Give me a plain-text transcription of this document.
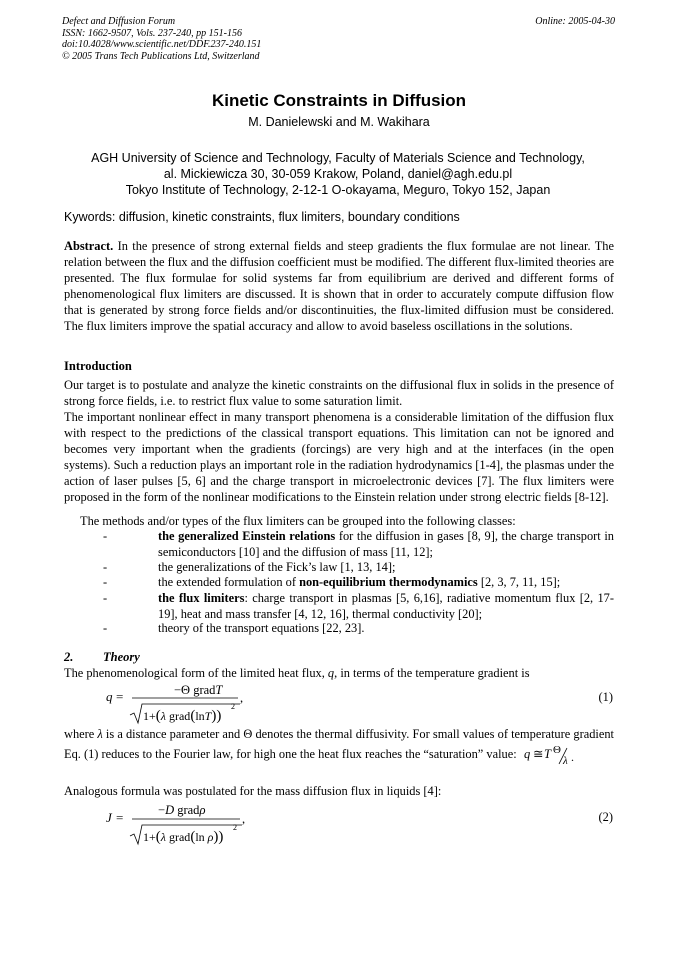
Defect and Diffusion Forum
ISSN: 1662-9507, Vols. 237-240, pp 151-156
doi:10.4028/www.scientific.net/DDF.237-240.151
© 2005 Trans Tech Publications Ltd, Switzerland
Online: 2005-04-30
Kinetic Constraints in Diffusion
M. Danielewski and M. Wakihara
AGH University of Science and Technology, Faculty of Materials Science and Technology,
al. Mickiewicza 30, 30-059 Krakow, Poland, daniel@agh.edu.pl
Tokyo Institute of Technology, 2-12-1 O-okayama, Meguro, Tokyo 152, Japan
Kywords: diffusion, kinetic constraints, flux limiters, boundary conditions
Abstract. In the presence of strong external fields and steep gradients the flux formulae are not linear. The relation between the flux and the diffusion coefficient must be modified. The different flux-limited theories are presented. The flux formulae for solid systems far from equilibrium are derived and different forms of phenomenological flux limiters are discussed. It is shown that in order to accurately compute diffusion flow that is generated by strong force fields and/or discontinuities, the flux-limited diffusion must be considered. The flux limiters improve the spatial accuracy and allow to avoid baseless oscillations in the solutions.
Introduction
Our target is to postulate and analyze the kinetic constraints on the diffusional flux in solids in the presence of strong force fields, i.e. to restrict flux value to some saturation limit.
The important nonlinear effect in many transport phenomena is a considerable limitation of the diffusion flux with respect to the predictions of the classical transport equations. This limitation can not be ignored and becomes very important when the gradients (forcings) are very high and at the interfaces (in the open systems). Such a reduction plays an important role in the radiation hydrodynamics [1-4], the plasmas under the action of laser pulses [5, 6] and the charge transport in microelectronic devices [7]. The flux limiters were proposed in the form of the nonlinear modifications to the Einstein relation under strong electric fields [8-12].
The methods and/or types of the flux limiters can be grouped into the following classes:
-	the generalized Einstein relations for the diffusion in gases [8, 9], the charge transport in semiconductors [10] and the diffusion of mass [11, 12];
-	the generalizations of the Fick’s law [1, 13, 14];
-	the extended formulation of non-equilibrium thermodynamics [2, 3, 7, 11, 15];
-	the flux limiters: charge transport in plasmas [5, 6,16], radiative momentum flux [2, 17-19], heat and mass transfer [4, 12, 16], thermal conductivity [20];
-	theory of the transport equations [22, 23].
2. Theory
The phenomenological form of the limited heat flux, q, in terms of the temperature gradient is
q =	−Θ gradT
1+(λ grad(lnT))
2
,	(1)
where λ is a distance parameter and Θ denotes the thermal diffusivity. For small values of temperature gradient Eq. (1) reduces to the Fourier law, for high one the heat flux reaches the “saturation” value: q ≅ T Θ
λ .
Analogous formula was postulated for the mass diffusion flux in liquids [4]:
J =	−D gradρ
1+(λ grad(ln ρ))
2
,	(2)
